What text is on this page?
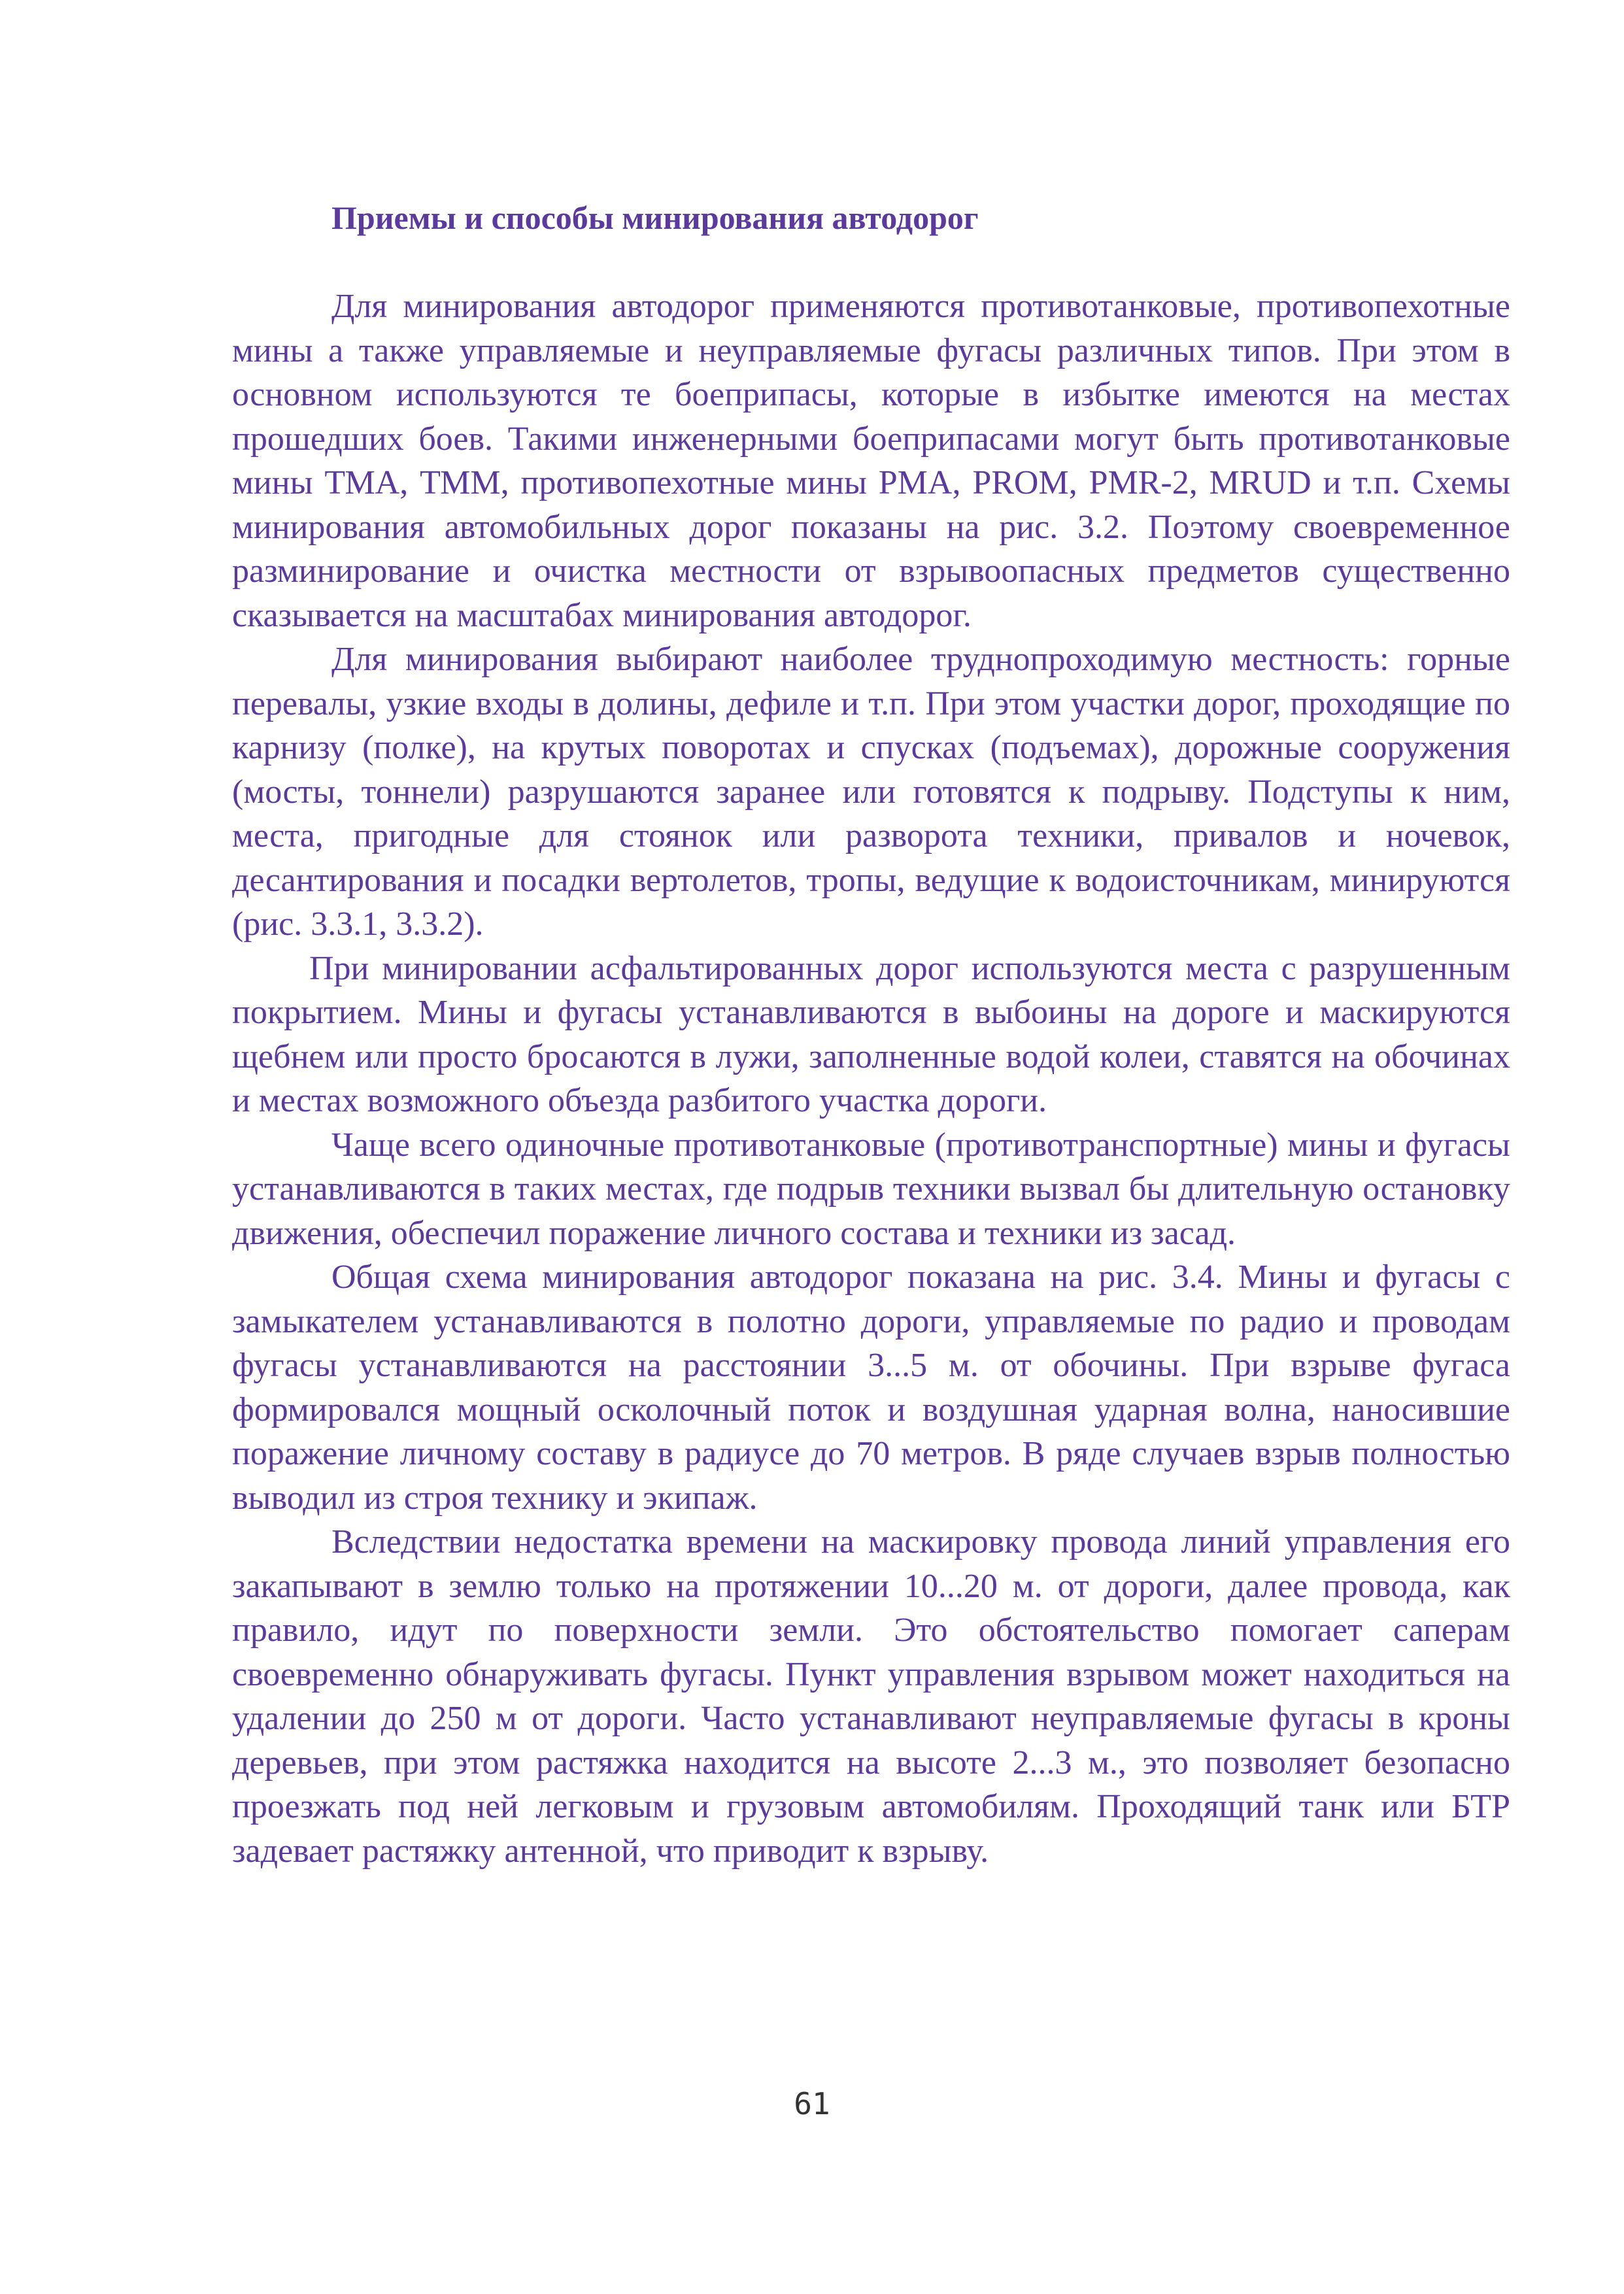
Приемы и способы минирования автодорог

Для минирования автодорог применяются противотанковые, противопехотные мины а также управляемые и неуправляемые фугасы различных типов. При этом в основном используются те боеприпасы, которые в избытке имеются на местах прошедших боев. Такими инженерными боеприпасами могут быть противотанковые мины ТМА, ТММ, противопехотные мины PMA, PROM, PMR-2, MRUD и т.п. Схемы минирования автомобильных дорог показаны на рис. 3.2. Поэтому своевременное разминирование и очистка местности от взрывоопасных предметов существенно сказывается на масштабах минирования автодорог.

Для минирования выбирают наиболее труднопроходимую местность: горные перевалы, узкие входы в долины, дефиле и т.п. При этом участки дорог, проходящие по карнизу (полке), на крутых поворотах и спусках (подъемах), дорожные сооружения (мосты, тоннели) разрушаются заранее или готовятся к подрыву. Подступы к ним, места, пригодные для стоянок или разворота техники, привалов и ночевок, десантирования и посадки вертолетов, тропы, ведущие к водоисточникам, минируются (рис. 3.3.1, 3.3.2).

При минировании асфальтированных дорог используются места с разрушенным покрытием. Мины и фугасы устанавливаются в выбоины на дороге и маскируются щебнем или просто бросаются в лужи, заполненные водой колеи, ставятся на обочинах и местах возможного объезда разбитого участка дороги.

Чаще всего одиночные противотанковые (противотранспортные) мины и фугасы устанавливаются в таких местах, где подрыв техники вызвал бы длительную остановку движения, обеспечил поражение личного состава и техники из засад.

Общая схема минирования автодорог показана на рис. 3.4. Мины и фугасы с замыкателем устанавливаются в полотно дороги, управляемые по радио и проводам фугасы устанавливаются на расстоянии 3...5 м. от обочины. При взрыве фугаса формировался мощный осколочный поток и воздушная ударная волна, наносившие поражение личному составу в радиусе до 70 метров. В ряде случаев взрыв полностью выводил из строя технику и экипаж.

Вследствии недостатка времени на маскировку провода линий управления его закапывают в землю только на протяжении 10...20 м. от дороги, далее провода, как правило, идут по поверхности земли. Это обстоятельство помогает саперам своевременно обнаруживать фугасы. Пункт управления взрывом может находиться на удалении до 250 м от дороги. Часто устанавливают неуправляемые фугасы в кроны деревьев, при этом растяжка находится на высоте 2...3 м., это позволяет безопасно проезжать под ней легковым и грузовым автомобилям. Проходящий танк или БТР задевает растяжку антенной, что приводит к взрыву.

61
